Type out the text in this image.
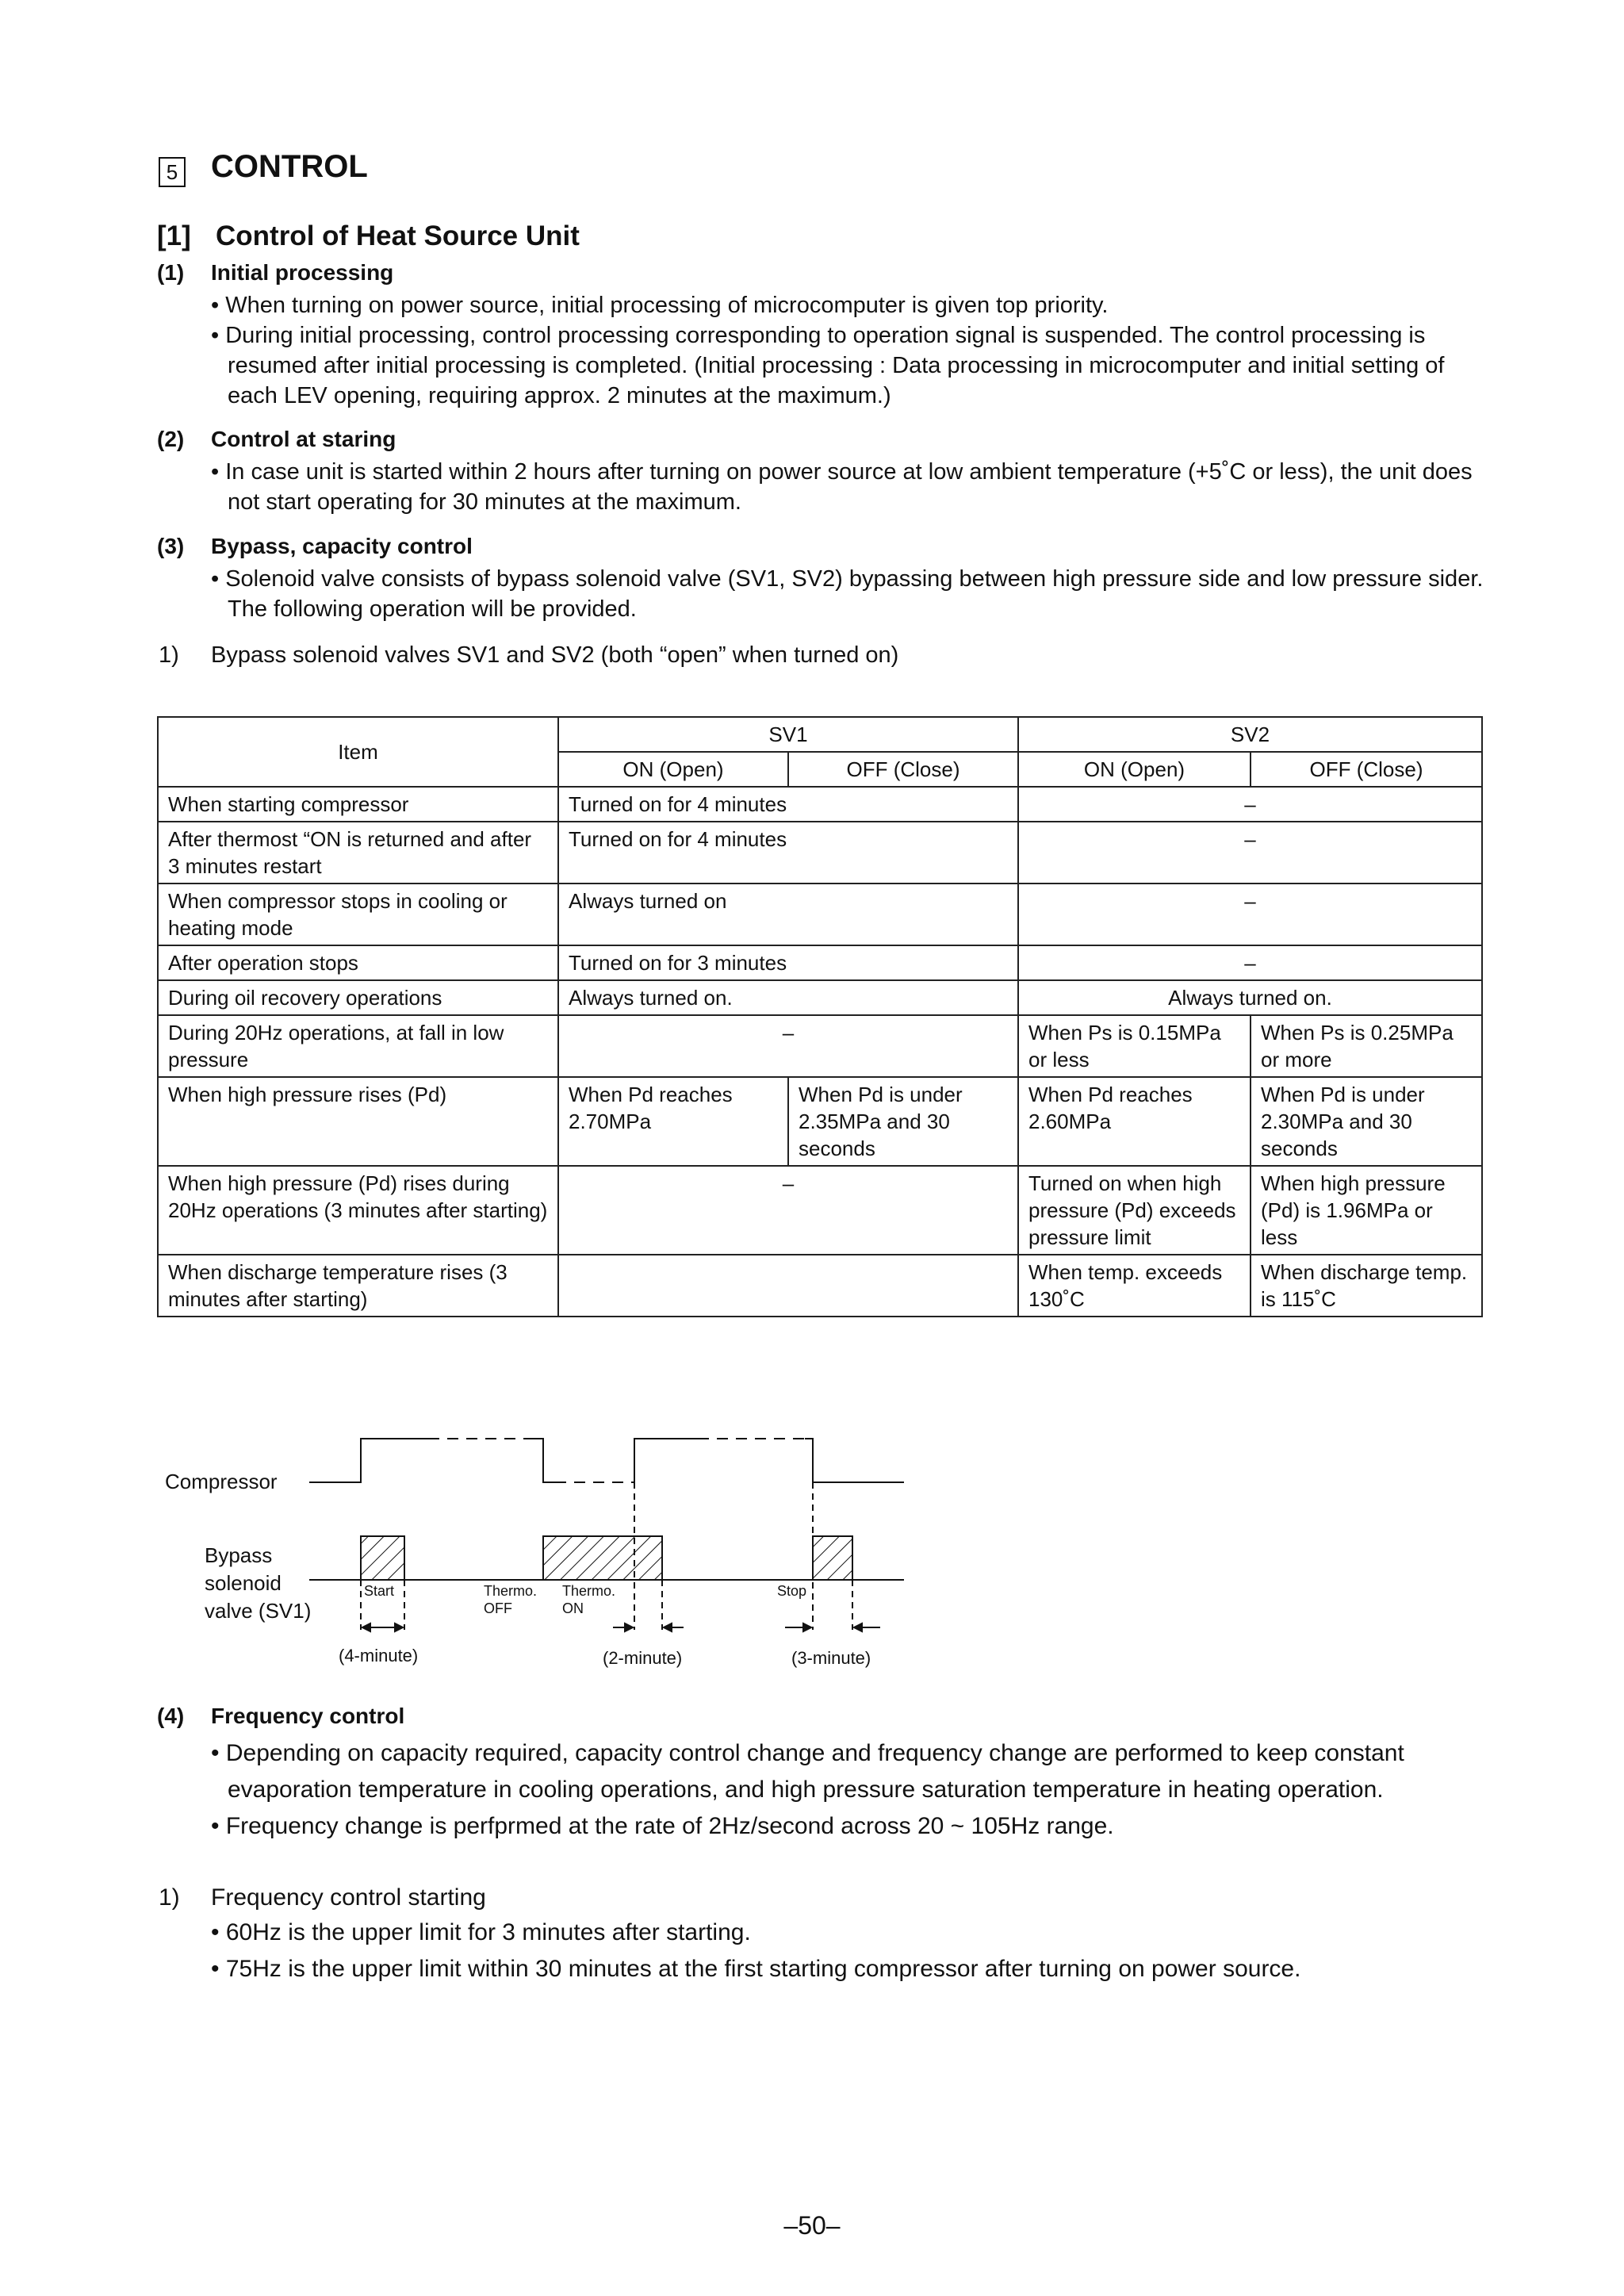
5 CONTROL
[1] Control of Heat Source Unit
(1) Initial processing
• When turning on power source, initial processing of microcomputer is given top priority.
• During initial processing, control processing corresponding to operation signal is suspended. The control processing is resumed after initial processing is completed. (Initial processing : Data processing in microcomputer and initial setting of each LEV opening, requiring approx. 2 minutes at the maximum.)
(2) Control at staring
• In case unit is started within 2 hours after turning on power source at low ambient temperature (+5˚C or less), the unit does not start operating for 30 minutes at the maximum.
(3) Bypass, capacity control
• Solenoid valve consists of bypass solenoid valve (SV1, SV2) bypassing between high pressure side and low pressure sider. The following operation will be provided.
1) Bypass solenoid valves SV1 and SV2 (both “open” when turned on)
Item	SV1		SV2	
	ON (Open)	OFF (Close)	ON (Open)	OFF (Close)
When starting compressor	Turned on for 4 minutes		–	
After thermost “ON is returned and after 3 minutes restart	Turned on for 4 minutes		–	
When compressor stops in cooling or heating mode	Always turned on		–	
After operation stops	Turned on for 3 minutes		–	
During oil recovery operations	Always turned on.		Always turned on.	
During 20Hz operations, at fall in low pressure	–		When Ps is 0.15MPa or less	When Ps is 0.25MPa or more
When high pressure rises (Pd)	When Pd reaches 2.70MPa	When Pd is under 2.35MPa and 30 seconds	When Pd reaches 2.60MPa	When Pd is under 2.30MPa and 30 seconds
When high pressure (Pd) rises during 20Hz operations (3 minutes after starting)	–		Turned on when high pressure (Pd) exceeds pressure limit	When high pressure (Pd) is 1.96MPa or less
When discharge temperature rises (3 minutes after starting)			When temp. exceeds 130˚C	When discharge temp. is 115˚C
Compressor
Bypass
solenoid
valve (SV1)
Start	Thermo.
OFF
Thermo.
ON
Stop
(4-minute)	(2-minute)	(3-minute)
(4) Frequency control
• Depending on capacity required, capacity control change and frequency change are performed to keep constant evaporation temperature in cooling operations, and high pressure saturation temperature in heating operation.
• Frequency change is perfprmed at the rate of 2Hz/second across 20 ~ 105Hz range.
1) Frequency control starting
• 60Hz is the upper limit for 3 minutes after starting.
• 75Hz is the upper limit within 30 minutes at the first starting compressor after turning on power source.
–50–
